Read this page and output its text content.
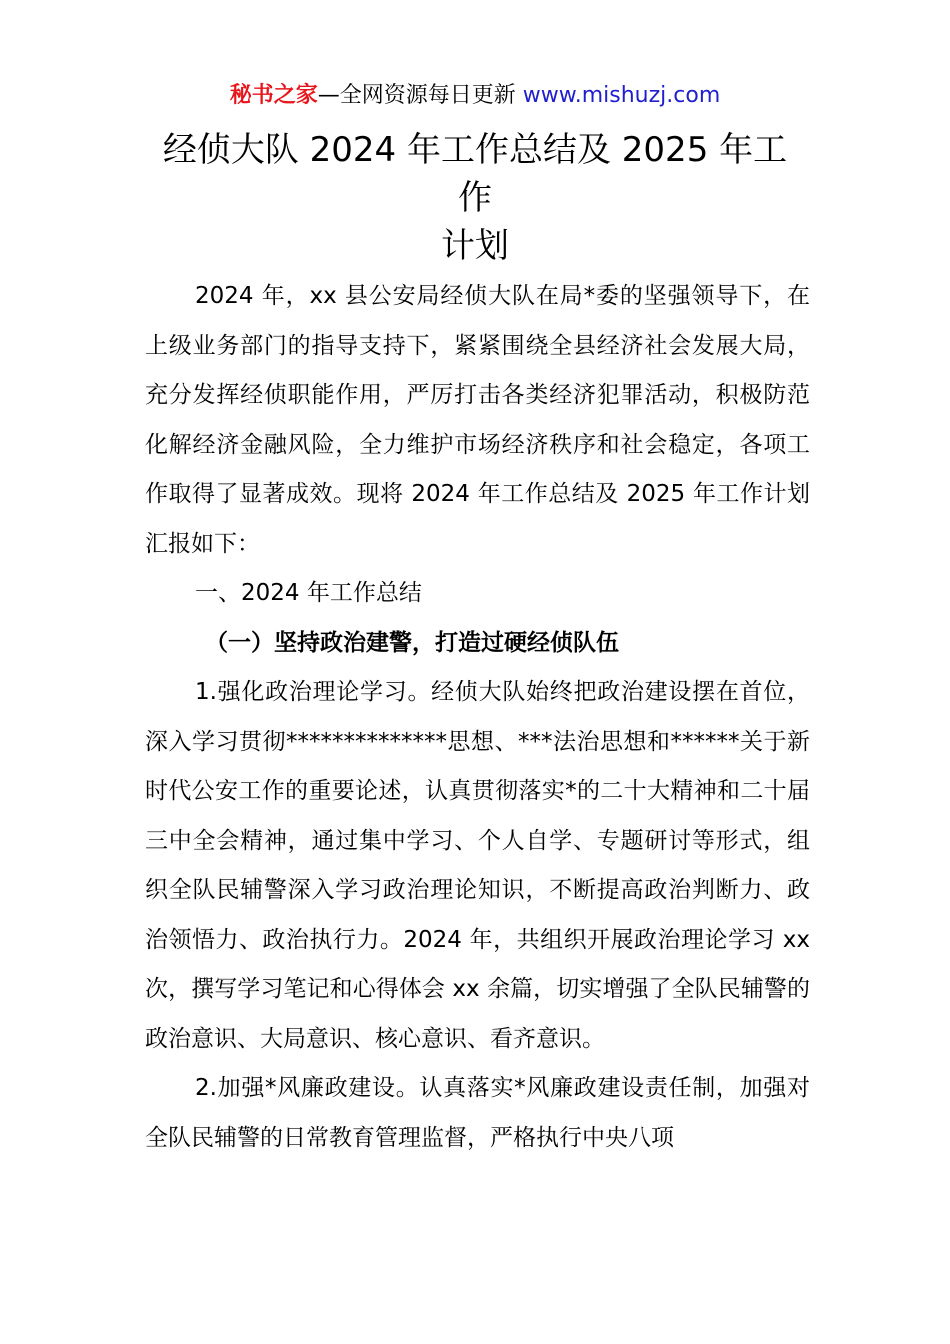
秘书之家—全网资源每日更新 www.mishuzj.com
经侦大队 2024 年工作总结及 2025 年工
作
计划

2024 年，xx 县公安局经侦大队在局*委的坚强领导下，在上级业务部门的指导支持下，紧紧围绕全县经济社会发展大局，充分发挥经侦职能作用，严厉打击各类经济犯罪活动，积极防范化解经济金融风险，全力维护市场经济秩序和社会稳定，各项工作取得了显著成效。现将 2024 年工作总结及 2025 年工作计划汇报如下：

一、2024 年工作总结

（一）坚持政治建警，打造过硬经侦队伍

1.强化政治理论学习。经侦大队始终把政治建设摆在首位，深入学习贯彻**************思想、***法治思想和******关于新时代公安工作的重要论述，认真贯彻落实*的二十大精神和二十届三中全会精神，通过集中学习、个人自学、专题研讨等形式，组织全队民辅警深入学习政治理论知识，不断提高政治判断力、政治领悟力、政治执行力。2024 年，共组织开展政治理论学习 xx 次，撰写学习笔记和心得体会 xx 余篇，切实增强了全队民辅警的政治意识、大局意识、核心意识、看齐意识。

2.加强*风廉政建设。认真落实*风廉政建设责任制，加强对全队民辅警的日常教育管理监督，严格执行中央八项
